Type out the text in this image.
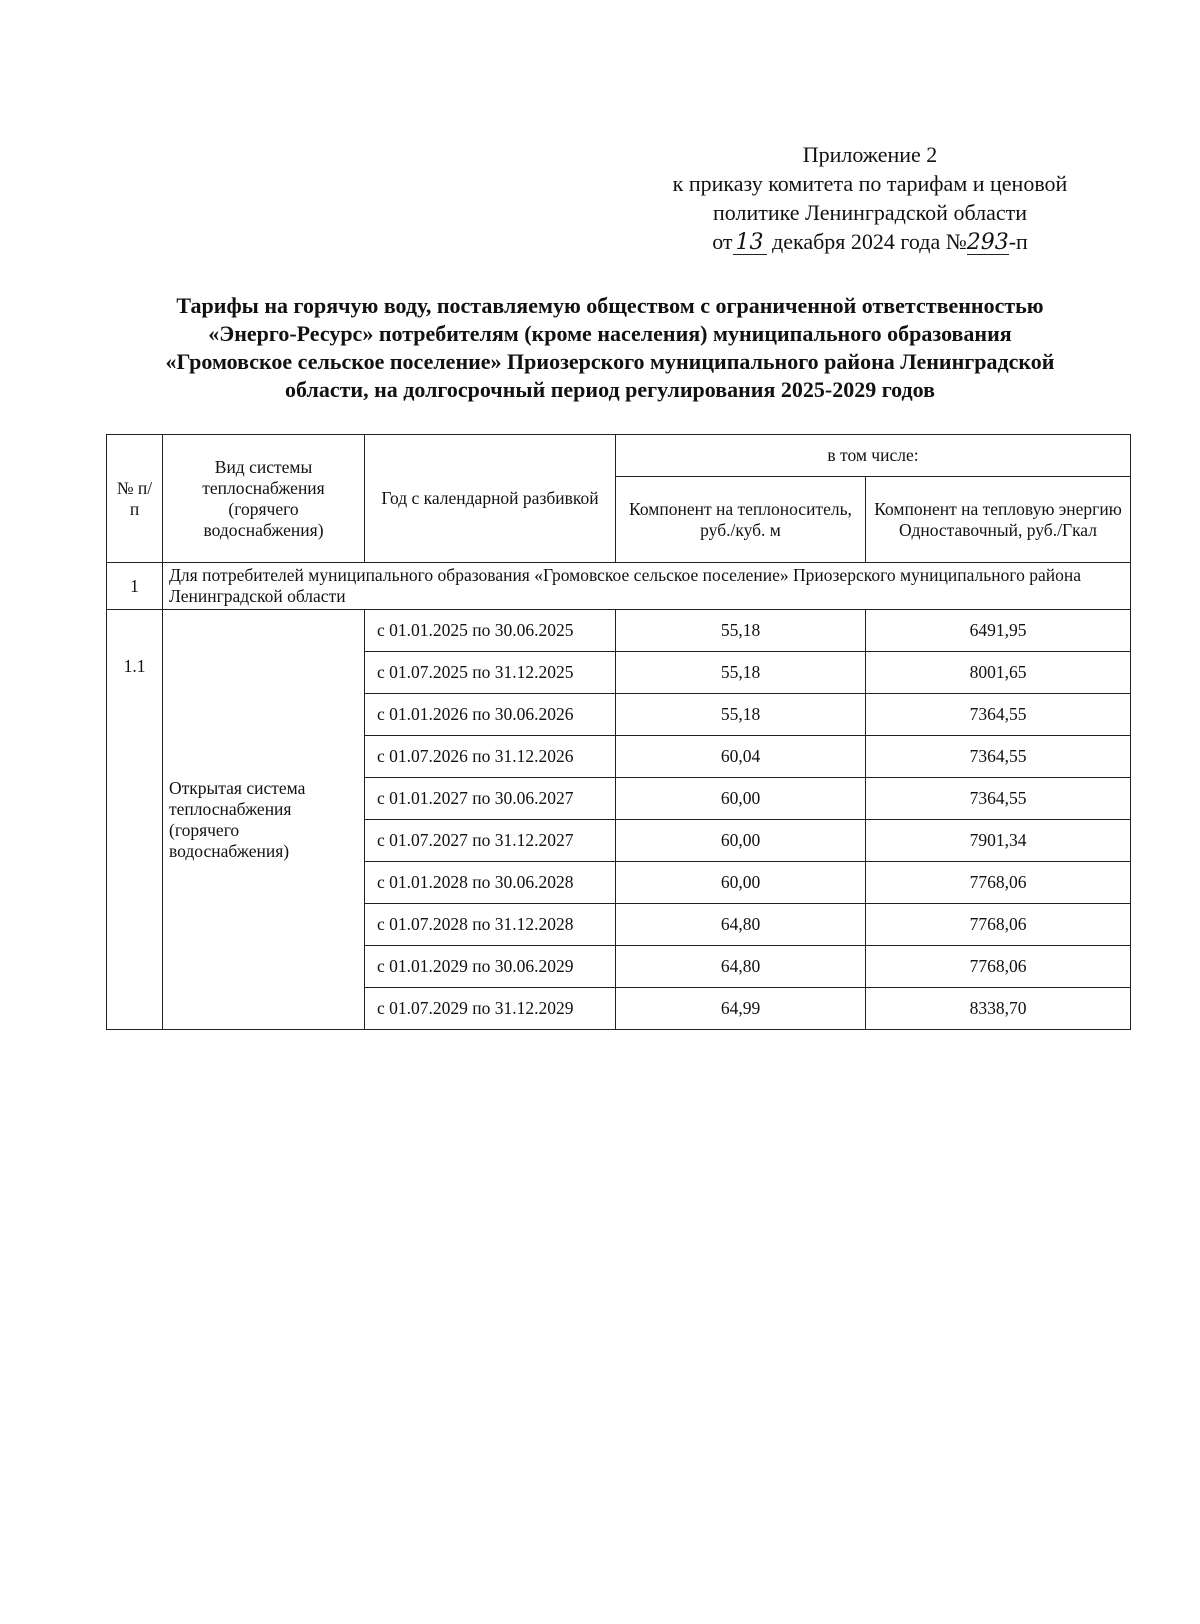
Приложение 2
к приказу комитета по тарифам и ценовой
политике Ленинградской области
от 13 декабря 2024 года №293-п
Тарифы на горячую воду, поставляемую обществом с ограниченной ответственностью
«Энерго-Ресурс» потребителям (кроме населения) муниципального образования
«Громовское сельское поселение» Приозерского муниципального района Ленинградской
области, на долгосрочный период регулирования 2025-2029 годов
№ п/п	Вид системы теплоснабжения (горячего водоснабжения)	Год с календарной разбивкой	в том числе:	
			Компонент на теплоноситель, руб./куб. м	Компонент на тепловую энергию Одноставочный, руб./Гкал
1	Для потребителей муниципального образования «Громовское сельское поселение» Приозерского муниципального района Ленинградской области			
1.1	Открытая система теплоснабжения (горячего водоснабжения)	с 01.01.2025 по 30.06.2025	55,18	6491,95
		с 01.07.2025 по 31.12.2025	55,18	8001,65
		с 01.01.2026 по 30.06.2026	55,18	7364,55
		с 01.07.2026 по 31.12.2026	60,04	7364,55
		с 01.01.2027 по 30.06.2027	60,00	7364,55
		с 01.07.2027 по 31.12.2027	60,00	7901,34
		с 01.01.2028 по 30.06.2028	60,00	7768,06
		с 01.07.2028 по 31.12.2028	64,80	7768,06
		с 01.01.2029 по 30.06.2029	64,80	7768,06
		с 01.07.2029 по 31.12.2029	64,99	8338,70
